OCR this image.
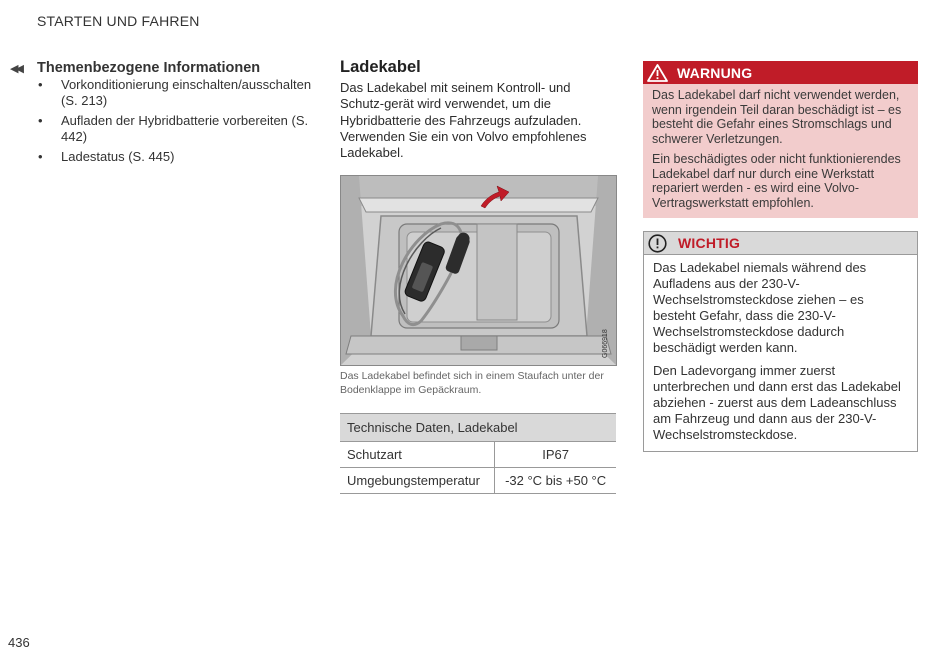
STARTEN UND FAHREN
◀◀	Themenbezogene Informationen
• Vorkonditionierung einschalten/ausschalten (S. 213)
• Aufladen der Hybridbatterie vorbereiten (S. 442)
• Ladestatus (S. 445)
Ladekabel

Das Ladekabel mit seinem Kontroll- und Schutz-gerät wird verwendet, um die Hybridbatterie des Fahrzeugs aufzuladen. Verwenden Sie ein von Volvo empfohlenes Ladekabel.

G066918

Das Ladekabel befindet sich in einem Staufach unter der Bodenklappe im Gepäckraum.

Technische Daten, Ladekabel	
Schutzart	IP67
Umgebungstemperatur	-32 °C bis +50 °C
WARNUNG

Das Ladekabel darf nicht verwendet werden, wenn irgendein Teil daran beschädigt ist – es besteht die Gefahr eines Stromschlags und schwerer Verletzungen.

Ein beschädigtes oder nicht funktionierendes Ladekabel darf nur durch eine Werkstatt repariert werden - es wird eine Volvo-Vertragswerkstatt empfohlen.

WICHTIG

Das Ladekabel niemals während des Aufladens aus der 230-V- Wechselstromsteckdose ziehen – es besteht Gefahr, dass die 230-V- Wechselstromsteckdose dadurch beschädigt werden kann.

Den Ladevorgang immer zuerst unterbrechen und dann erst das Ladekabel abziehen - zuerst aus dem Ladeanschluss am Fahrzeug und dann aus der 230-V-Wechselstromsteckdose.

436
